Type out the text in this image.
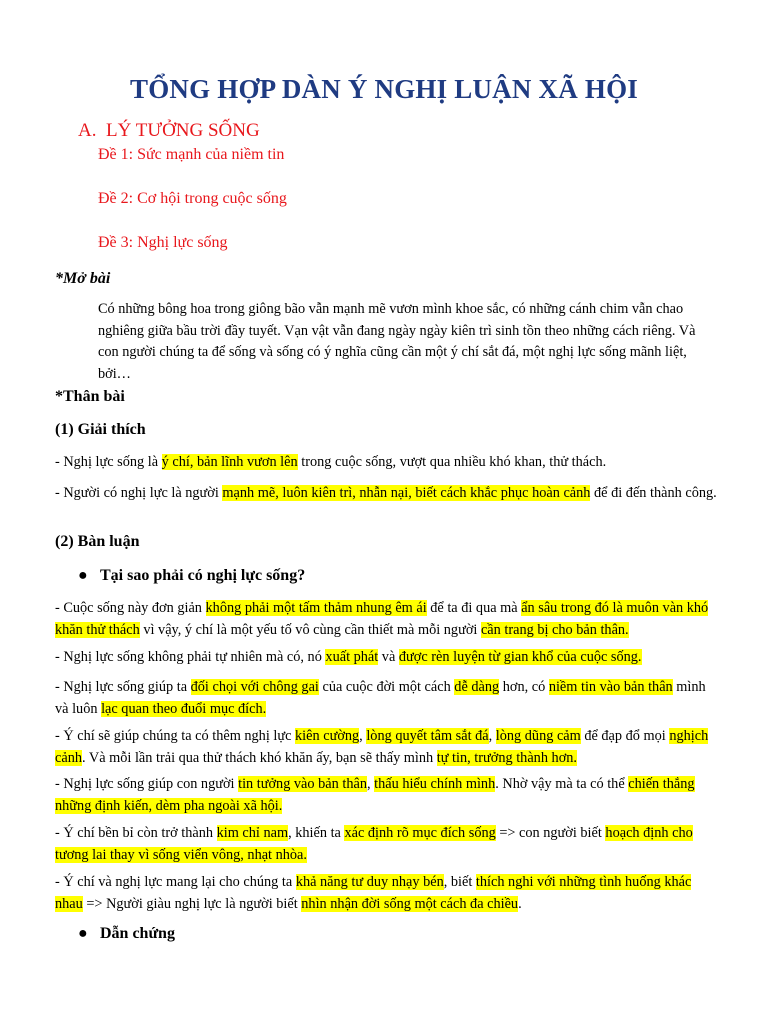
TỔNG HỢP DÀN Ý NGHỊ LUẬN XÃ HỘI
A. LÝ TƯỞNG SỐNG
Đề 1: Sức mạnh của niềm tin
Đề 2: Cơ hội trong cuộc sống
Đề 3: Nghị lực sống
*Mở bài
Có những bông hoa trong giông bão vẫn mạnh mẽ vươn mình khoe sắc, có những cánh chim vẫn chao nghiêng giữa bầu trời đầy tuyết. Vạn vật vẫn đang ngày ngày kiên trì sinh tồn theo những cách riêng. Và con người chúng ta để sống và sống có ý nghĩa cũng cần một ý chí sắt đá, một nghị lực sống mãnh liệt, bởi…
*Thân bài
(1) Giải thích
- Nghị lực sống là ý chí, bản lĩnh vươn lên trong cuộc sống, vượt qua nhiều khó khan, thử thách.
- Người có nghị lực là người mạnh mẽ, luôn kiên trì, nhẫn nại, biết cách khắc phục hoàn cảnh để đi đến thành công.
(2) Bàn luận
● Tại sao phải có nghị lực sống?
- Cuộc sống này đơn giản không phải một tấm thảm nhung êm ái để ta đi qua mà ẩn sâu trong đó là muôn vàn khó khăn thử thách vì vậy, ý chí là một yếu tố vô cùng cần thiết mà mỗi người cần trang bị cho bản thân.
- Nghị lực sống không phải tự nhiên mà có, nó xuất phát và được rèn luyện từ gian khổ của cuộc sống.
- Nghị lực sống giúp ta đối chọi với chông gai của cuộc đời một cách dễ dàng hơn, có niềm tin vào bản thân mình và luôn lạc quan theo đuổi mục đích.
- Ý chí sẽ giúp chúng ta có thêm nghị lực kiên cường, lòng quyết tâm sắt đá, lòng dũng cảm để đạp đổ mọi nghịch cảnh. Và mỗi lần trải qua thử thách khó khăn ấy, bạn sẽ thấy mình tự tin, trưởng thành hơn.
- Nghị lực sống giúp con người tin tưởng vào bản thân, thấu hiểu chính mình. Nhờ vậy mà ta có thể chiến thắng những định kiến, dèm pha ngoài xã hội.
- Ý chí bền bỉ còn trở thành kim chỉ nam, khiến ta xác định rõ mục đích sống => con người biết hoạch định cho tương lai thay vì sống viển vông, nhạt nhòa.
- Ý chí và nghị lực mang lại cho chúng ta khả năng tư duy nhạy bén, biết thích nghi với những tình huống khác nhau => Người giàu nghị lực là người biết nhìn nhận đời sống một cách đa chiều.
● Dẫn chứng
